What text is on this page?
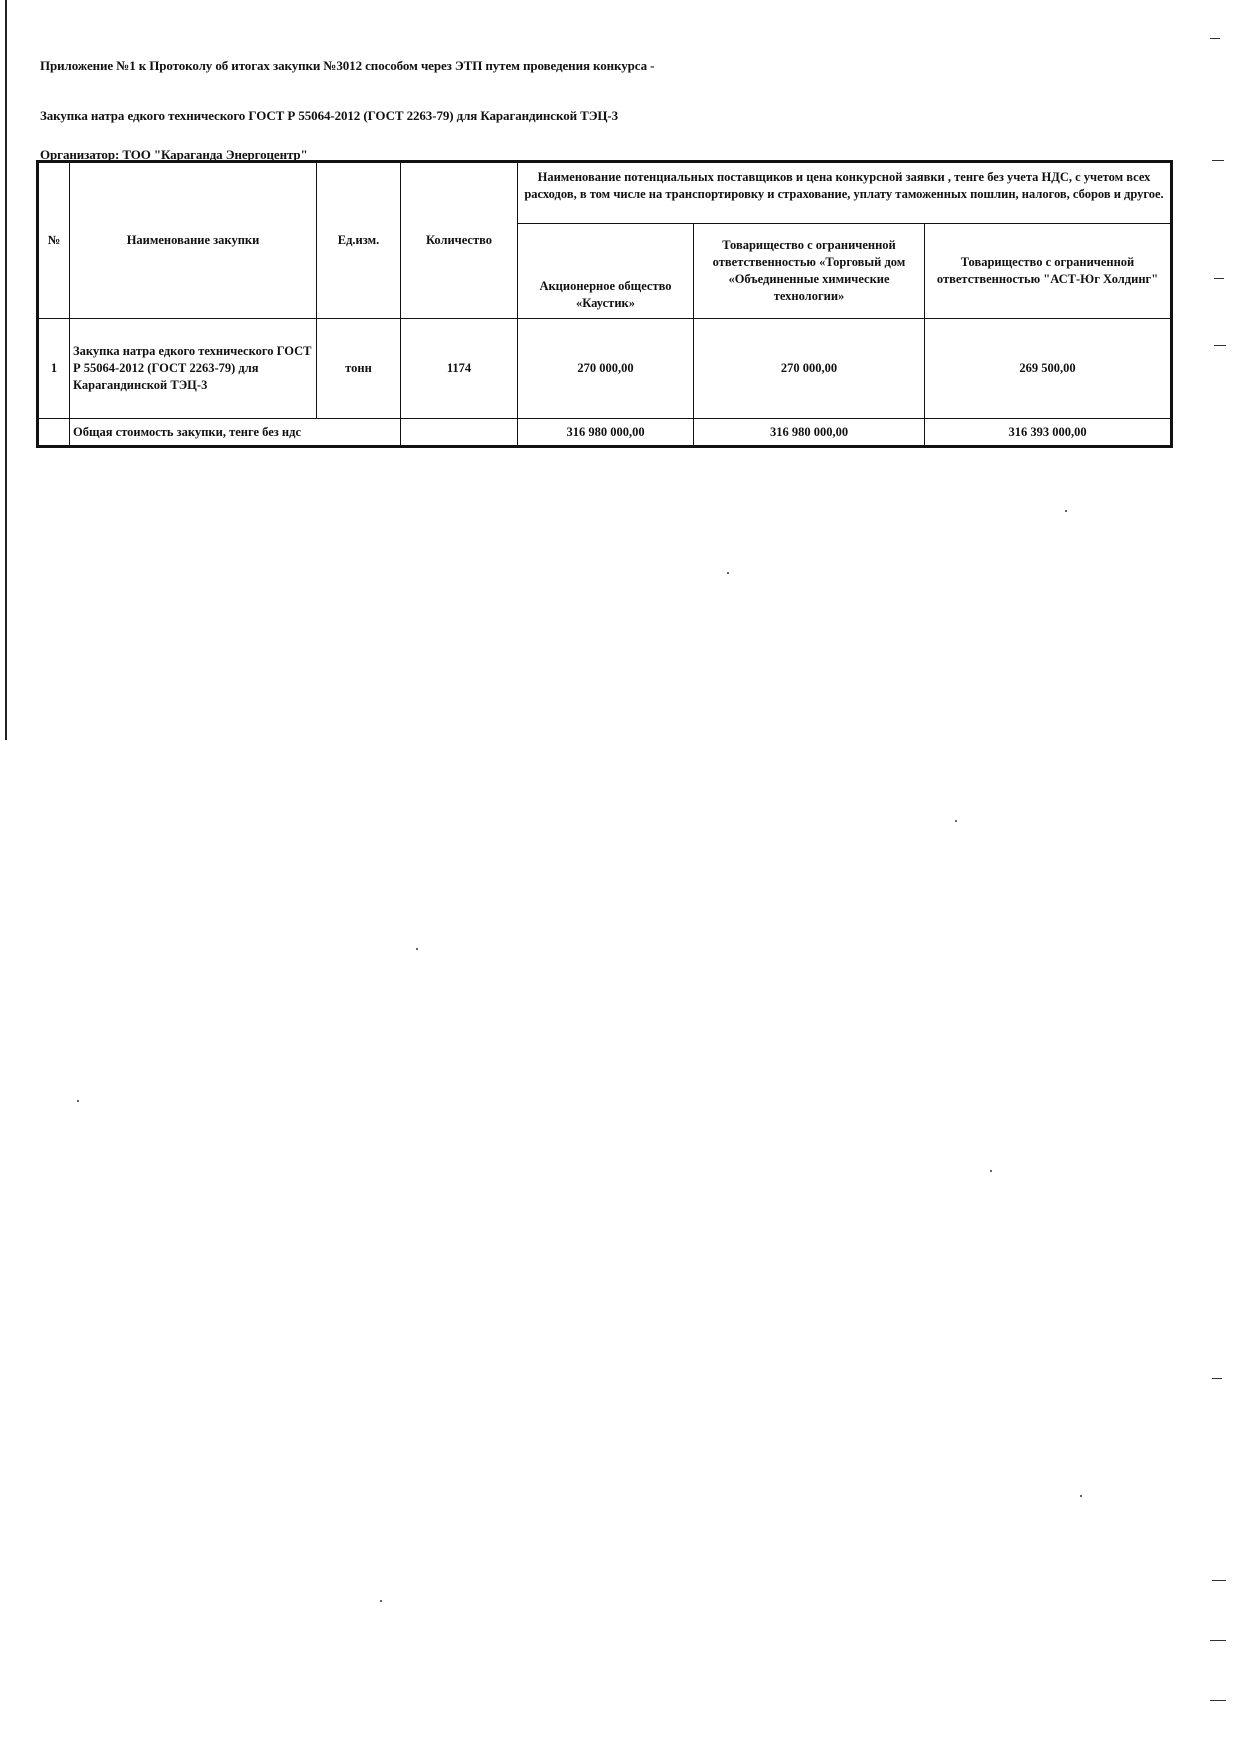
Приложение №1 к Протоколу об итогах закупки №3012 способом через ЭТП путем проведения конкурса -
Закупка натра едкого технического ГОСТ Р 55064-2012 (ГОСТ 2263-79) для Карагандинской ТЭЦ-3
Организатор: ТОО "Караганда Энергоцентр"
№	Наименование закупки	Ед.изм.	Количество	Наименование потенциальных поставщиков и цена конкурсной заявки , тенге без учета НДС, с учетом всех расходов, в том числе на транспортировку и страхование, уплату таможенных пошлин, налогов, сборов и другое.		
				Акционерное общество «Каустик»	Товарищество с ограниченной ответственностью «Торговый дом «Объединенные химические технологии»	Товарищество с ограниченной ответственностью "АСТ-Юг Холдинг"
1	Закупка натра едкого технического ГОСТ Р 55064-2012 (ГОСТ 2263-79) для Карагандинской ТЭЦ-3	тонн	1174	270 000,00	270 000,00	269 500,00
	Общая стоимость закупки, тенге без ндс			316 980 000,00	316 980 000,00	316 393 000,00
